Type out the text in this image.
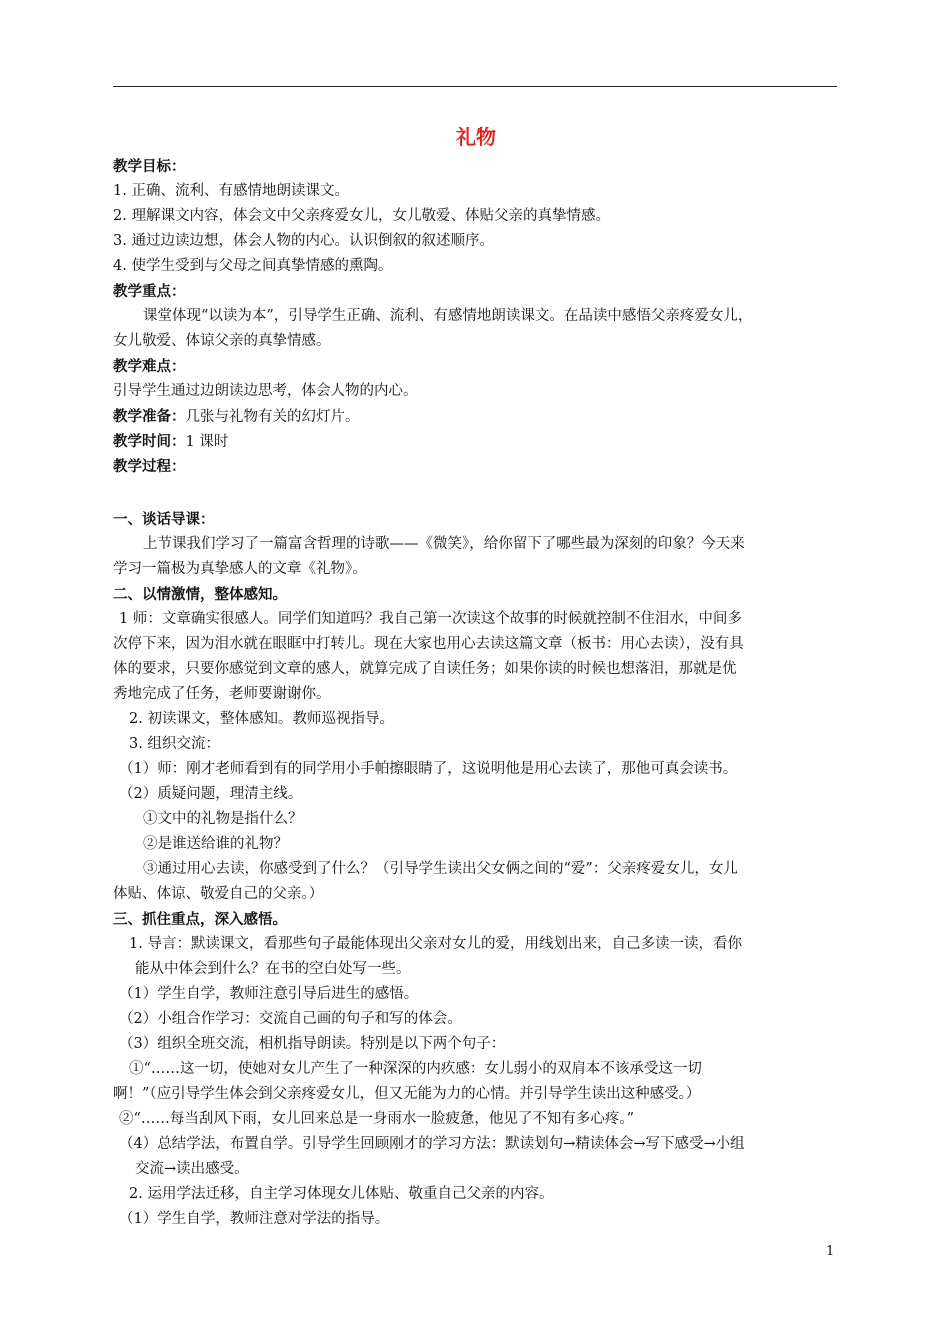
礼物

教学目标：

1. 正确、流利、有感情地朗读课文。

2. 理解课文内容，体会文中父亲疼爱女儿，女儿敬爱、体贴父亲的真挚情感。

3. 通过边读边想，体会人物的内心。认识倒叙的叙述顺序。

4. 使学生受到与父母之间真挚情感的熏陶。

教学重点：

课堂体现“以读为本”，引导学生正确、流利、有感情地朗读课文。在品读中感悟父亲疼爱女儿，

女儿敬爱、体谅父亲的真挚情感。

教学难点：

引导学生通过边朗读边思考，体会人物的内心。

教学准备：几张与礼物有关的幻灯片。

教学时间：1 课时

教学过程：

一、谈话导课：

上节课我们学习了一篇富含哲理的诗歌——《微笑》，给你留下了哪些最为深刻的印象？今天来

学习一篇极为真挚感人的文章《礼物》。

二、以情激情，整体感知。

1 师：文章确实很感人。同学们知道吗？我自己第一次读这个故事的时候就控制不住泪水，中间多

次停下来，因为泪水就在眼眶中打转儿。现在大家也用心去读这篇文章（板书：用心去读），没有具

体的要求，只要你感觉到文章的感人，就算完成了自读任务；如果你读的时候也想落泪，那就是优

秀地完成了任务，老师要谢谢你。

2. 初读课文，整体感知。教师巡视指导。

3. 组织交流：

（1）师：刚才老师看到有的同学用小手帕擦眼睛了，这说明他是用心去读了，那他可真会读书。

（2）质疑问题，理清主线。

①文中的礼物是指什么？

②是谁送给谁的礼物？

③通过用心去读，你感受到了什么？（引导学生读出父女俩之间的“爱”：父亲疼爱女儿，女儿

体贴、体谅、敬爱自己的父亲。）

三、抓住重点，深入感悟。

1. 导言：默读课文，看那些句子最能体现出父亲对女儿的爱，用线划出来，自己多读一读，看你

能从中体会到什么？在书的空白处写一些。

（1）学生自学，教师注意引导后进生的感悟。

（2）小组合作学习：交流自己画的句子和写的体会。

（3）组织全班交流，相机指导朗读。特别是以下两个句子：

①“……这一切，使她对女儿产生了一种深深的内疚感：女儿弱小的双肩本不该承受这一切

啊！”（应引导学生体会到父亲疼爱女儿，但又无能为力的心情。并引导学生读出这种感受。）

②“……每当刮风下雨，女儿回来总是一身雨水一脸疲惫，他见了不知有多心疼。”

（4）总结学法，布置自学。引导学生回顾刚才的学习方法：默读划句→精读体会→写下感受→小组

交流→读出感受。

2. 运用学法迁移，自主学习体现女儿体贴、敬重自己父亲的内容。

（1）学生自学，教师注意对学法的指导。

1
